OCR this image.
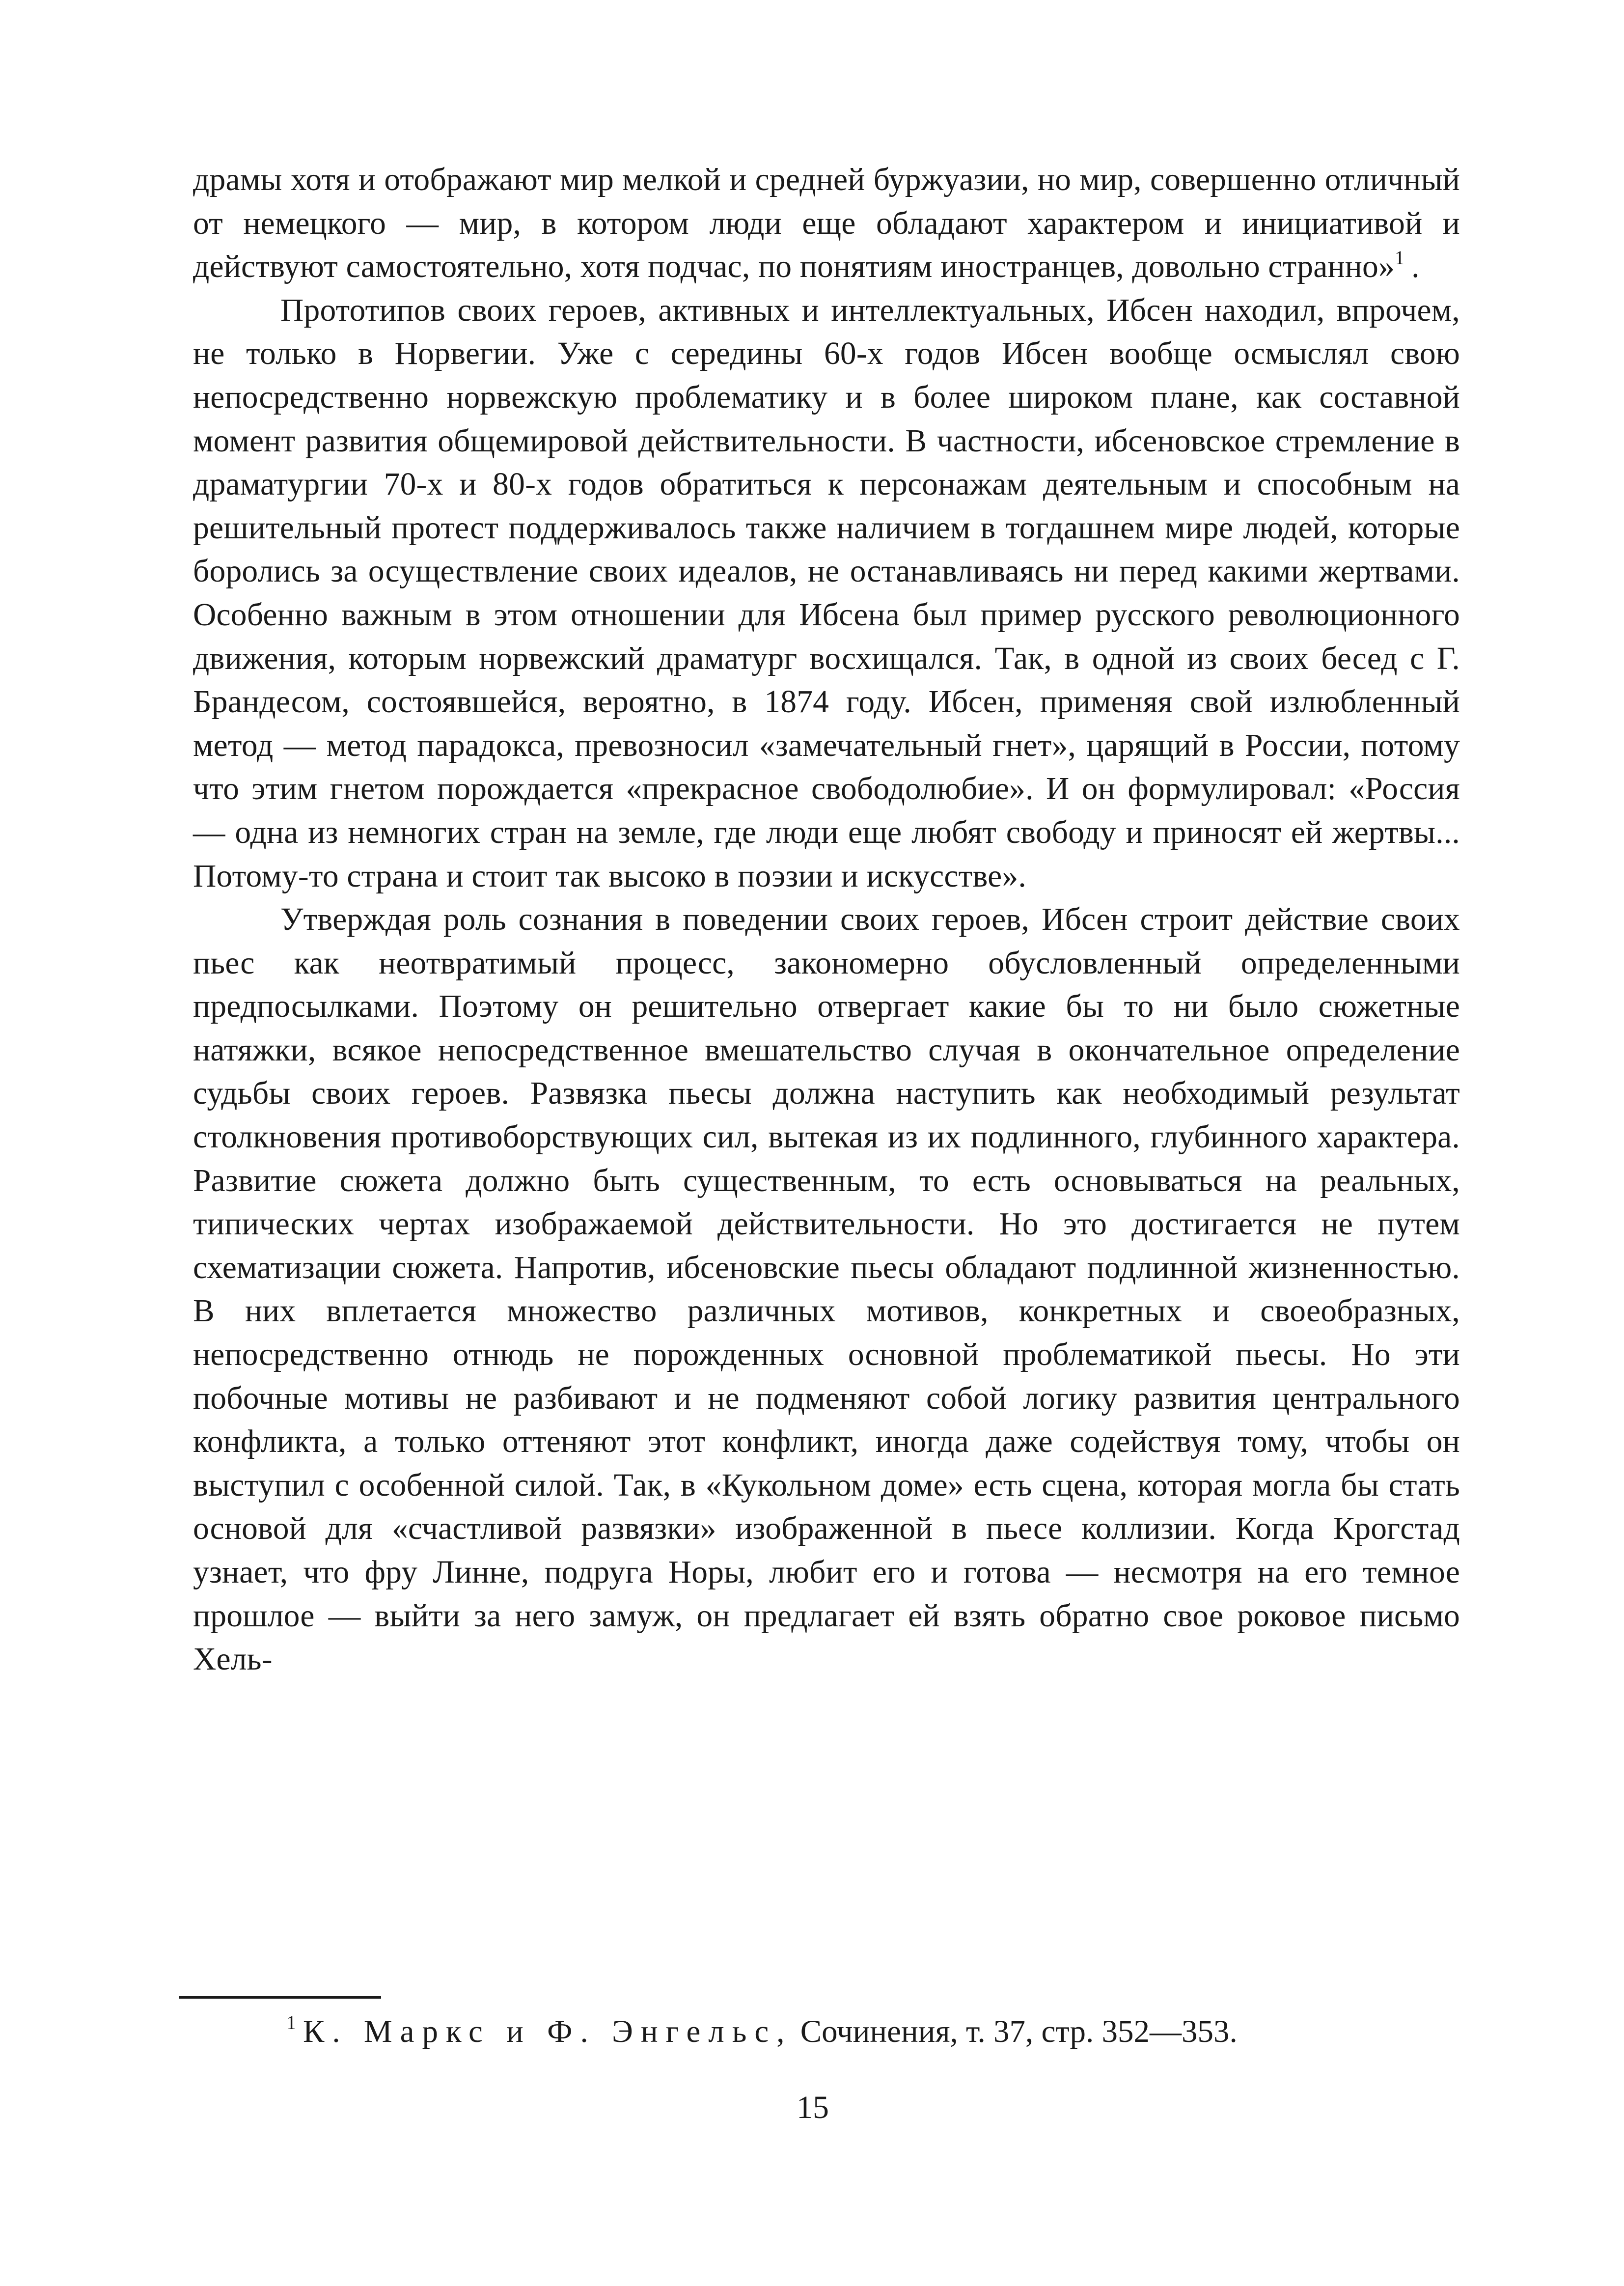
драмы хотя и отображают мир мелкой и средней буржуазии, но мир, совершенно отличный от немецкого — мир, в котором люди еще обладают характером и инициативой и действуют самостоятельно, хотя подчас, по понятиям иностранцев, довольно странно»$^1$ .

Прототипов своих героев, активных и интеллектуальных, Ибсен находил, впрочем, не только в Норвегии. Уже с середины 60-х годов Ибсен вообще осмыслял свою непосредственно норвежскую проблематику и в более широком плане, как составной момент развития общемировой действительности. В частности, ибсеновское стремление в драматургии 70-х и 80-х годов обратиться к персонажам деятельным и способным на решительный протест поддерживалось также наличием в тогдашнем мире людей, которые боролись за осуществление своих идеалов, не останавливаясь ни перед какими жертвами. Особенно важным в этом отношении для Ибсена был пример русского революционного движения, которым норвежский драматург восхищался. Так, в одной из своих бесед с Г. Брандесом, состоявшейся, вероятно, в 1874 году. Ибсен, применяя свой излюбленный метод — метод парадокса, превозносил «замечательный гнет», царящий в России, потому что этим гнетом порождается «прекрасное свободолюбие». И он формулировал: «Россия — одна из немногих стран на земле, где люди еще любят свободу и приносят ей жертвы... Потому-то страна и стоит так высоко в поэзии и искусстве».

Утверждая роль сознания в поведении своих героев, Ибсен строит действие своих пьес как неотвратимый процесс, закономерно обусловленный определенными предпосылками. Поэтому он решительно отвергает какие бы то ни было сюжетные натяжки, всякое непосредственное вмешательство случая в окончательное определение судьбы своих героев. Развязка пьесы должна наступить как необходимый результат столкновения противоборствующих сил, вытекая из их подлинного, глубинного характера. Развитие сюжета должно быть существенным, то есть основываться на реальных, типических чертах изображаемой действительности. Но это достигается не путем схематизации сюжета. Напротив, ибсеновские пьесы обладают подлинной жизненностью. В них вплетается множество различных мотивов, конкретных и своеобразных, непосредственно отнюдь не порожденных основной проблематикой пьесы. Но эти побочные мотивы не разбивают и не подменяют собой логику развития центрального конфликта, а только оттеняют этот конфликт, иногда даже содействуя тому, чтобы он выступил с особенной силой. Так, в «Кукольном доме» есть сцена, которая могла бы стать основой для «счастливой развязки» изображенной в пьесе коллизии. Когда Крогстад узнает, что фру Линне, подруга Норы, любит его и готова — несмотря на его темное прошлое — выйти за него замуж, он предлагает ей взять обратно свое роковое письмо Хель-

$^1$ К. Маркс и Ф. Энгельс, Сочинения, т. 37, стр. 352—353.
15
